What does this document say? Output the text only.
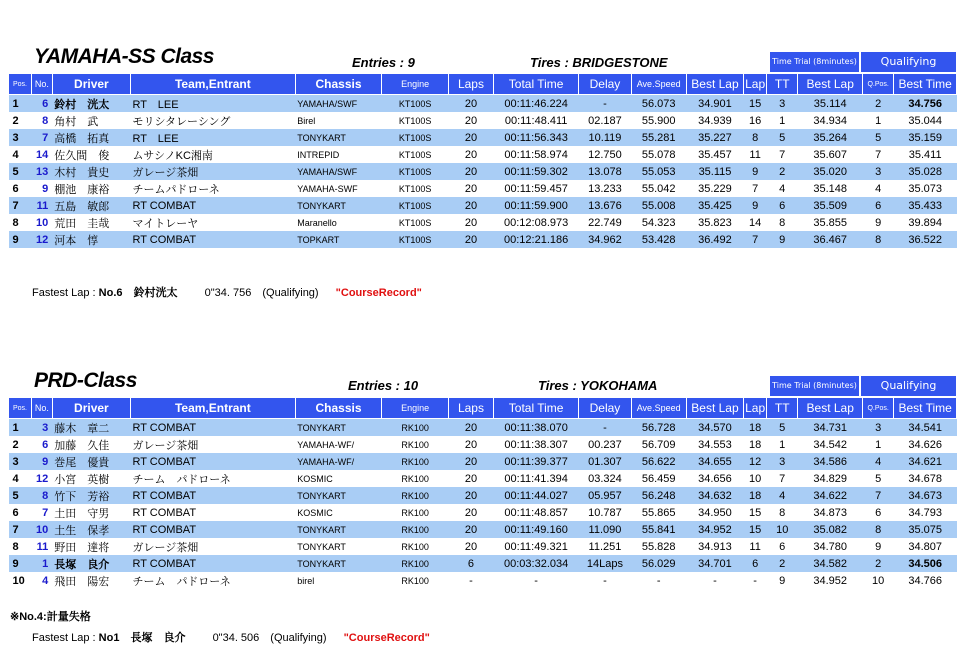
YAMAHA-SS Class	Entries : 9	Tires : BRIDGESTONE	Time Trial (8minutes)	Qualifying
Pos.	No.	Driver	Team,Entrant	Chassis	Engine	Laps	Total Time	Delay	Ave.Speed	Best Lap	Lap	TT	Best Lap	Q.Pos.	Best Time
1	6	鈴村　洸太	RT　LEE	YAMAHA/SWF	KT100S	20	00:11:46.224	-	56.073	34.901	15	3	35.114	2	34.756
2	8	角村　武	モリシタレーシング	Birel	KT100S	20	00:11:48.411	02.187	55.900	34.939	16	1	34.934	1	35.044
3	7	高橋　拓真	RT　LEE	TONYKART	KT100S	20	00:11:56.343	10.119	55.281	35.227	8	5	35.264	5	35.159
4	14	佐久間　俊	ムサシノKC湘南	INTREPID	KT100S	20	00:11:58.974	12.750	55.078	35.457	11	7	35.607	7	35.411
5	13	木村　貴史	ガレージ茶畑	YAMAHA/SWF	KT100S	20	00:11:59.302	13.078	55.053	35.115	9	2	35.020	3	35.028
6	9	棚池　康裕	チームパドローネ	YAMAHA-SWF	KT100S	20	00:11:59.457	13.233	55.042	35.229	7	4	35.148	4	35.073
7	11	五島　敏郎	RT COMBAT	TONYKART	KT100S	20	00:11:59.900	13.676	55.008	35.425	9	6	35.509	6	35.433
8	10	荒田　圭哉	マイトレーヤ	Maranello	KT100S	20	00:12:08.973	22.749	54.323	35.823	14	8	35.855	9	39.894
9	12	河本　惇	RT COMBAT	TOPKART	KT100S	20	00:12:21.186	34.962	53.428	36.492	7	9	36.467	8	36.522
Fastest Lap : No.6 鈴村洸太 0"34. 756　(Qualifying) "CourseRecord"
PRD-Class	Entries : 10	Tires : YOKOHAMA	Time Trial (8minutes)	Qualifying
Pos.	No.	Driver	Team,Entrant	Chassis	Engine	Laps	Total Time	Delay	Ave.Speed	Best Lap	Lap	TT	Best Lap	Q.Pos.	Best Time
1	3	藤木　章二	RT COMBAT	TONYKART	RK100	20	00:11:38.070	-	56.728	34.570	18	5	34.731	3	34.541
2	6	加藤　久佳	ガレージ茶畑	YAMAHA-WF/	RK100	20	00:11:38.307	00.237	56.709	34.553	18	1	34.542	1	34.626
3	9	巻尾　優貴	RT COMBAT	YAMAHA-WF/	RK100	20	00:11:39.377	01.307	56.622	34.655	12	3	34.586	4	34.621
4	12	小宮　英樹	チーム　パドローネ	KOSMIC	RK100	20	00:11:41.394	03.324	56.459	34.656	10	7	34.829	5	34.678
5	8	竹下　芳裕	RT COMBAT	TONYKART	RK100	20	00:11:44.027	05.957	56.248	34.632	18	4	34.622	7	34.673
6	7	土田　守男	RT COMBAT	KOSMIC	RK100	20	00:11:48.857	10.787	55.865	34.950	15	8	34.873	6	34.793
7	10	土生　保孝	RT COMBAT	TONYKART	RK100	20	00:11:49.160	11.090	55.841	34.952	15	10	35.082	8	35.075
8	11	野田　達将	ガレージ茶畑	TONYKART	RK100	20	00:11:49.321	11.251	55.828	34.913	11	6	34.780	9	34.807
9	1	長塚　良介	RT COMBAT	TONYKART	RK100	6	00:03:32.034	14Laps	56.029	34.701	6	2	34.582	2	34.506
10	4	飛田　陽宏	チーム　パドローネ	birel	RK100	-	-	-	-	-	-	9	34.952	10	34.766
※No.4:計量失格
Fastest Lap : No1 長塚　良介 0"34. 506　(Qualifying) "CourseRecord"
